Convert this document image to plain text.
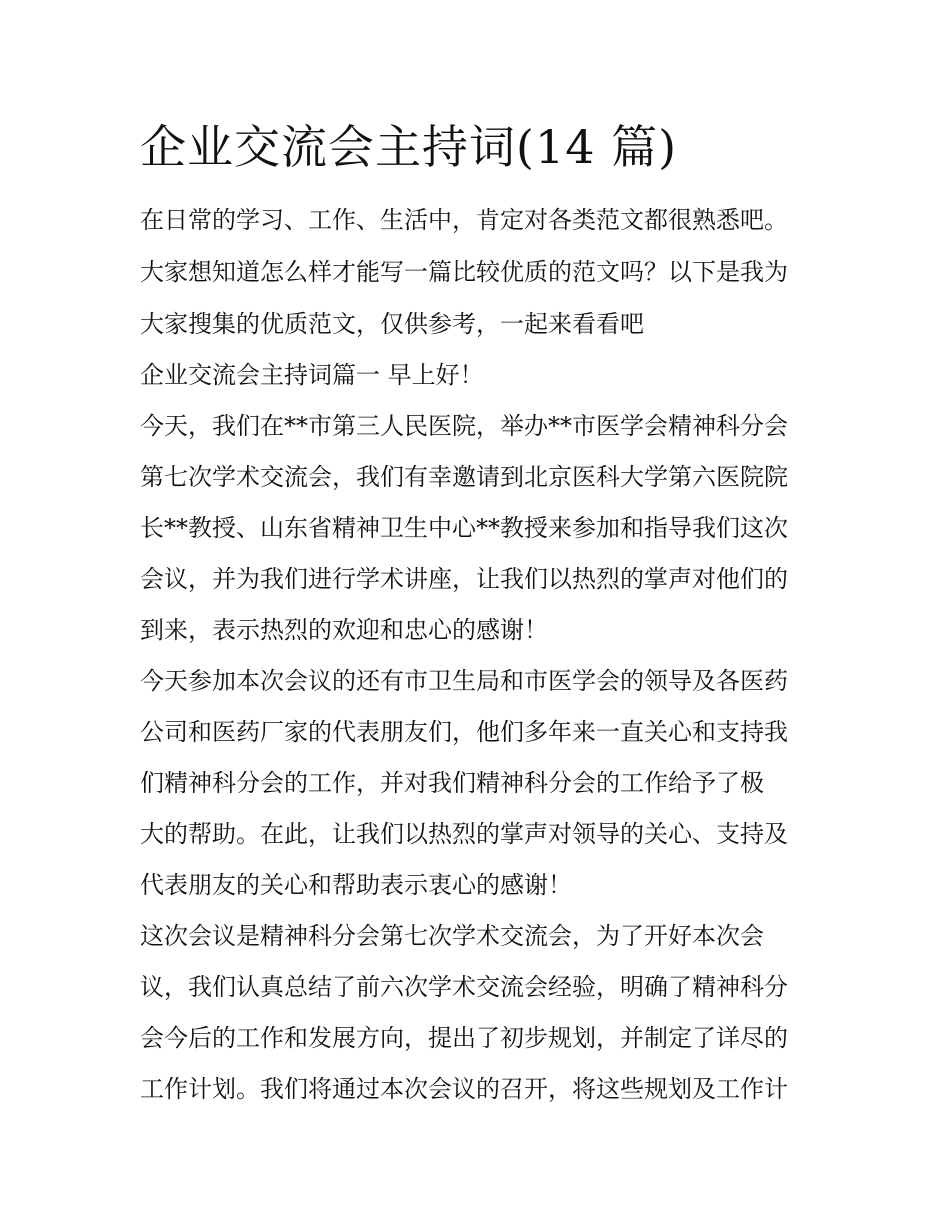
企业交流会主持词(14 篇)

在日常的学习、工作、生活中，肯定对各类范文都很熟悉吧。

大家想知道怎么样才能写一篇比较优质的范文吗？以下是我为

大家搜集的优质范文，仅供参考，一起来看看吧

企业交流会主持词篇一 早上好！

今天，我们在**市第三人民医院，举办**市医学会精神科分会

第七次学术交流会，我们有幸邀请到北京医科大学第六医院院

长**教授、山东省精神卫生中心**教授来参加和指导我们这次

会议，并为我们进行学术讲座，让我们以热烈的掌声对他们的

到来，表示热烈的欢迎和忠心的感谢！

今天参加本次会议的还有市卫生局和市医学会的领导及各医药

公司和医药厂家的代表朋友们，他们多年来一直关心和支持我

们精神科分会的工作，并对我们精神科分会的工作给予了极

大的帮助。在此，让我们以热烈的掌声对领导的关心、支持及

代表朋友的关心和帮助表示衷心的感谢！

这次会议是精神科分会第七次学术交流会，为了开好本次会

议，我们认真总结了前六次学术交流会经验，明确了精神科分

会今后的工作和发展方向，提出了初步规划，并制定了详尽的

工作计划。我们将通过本次会议的召开，将这些规划及工作计
